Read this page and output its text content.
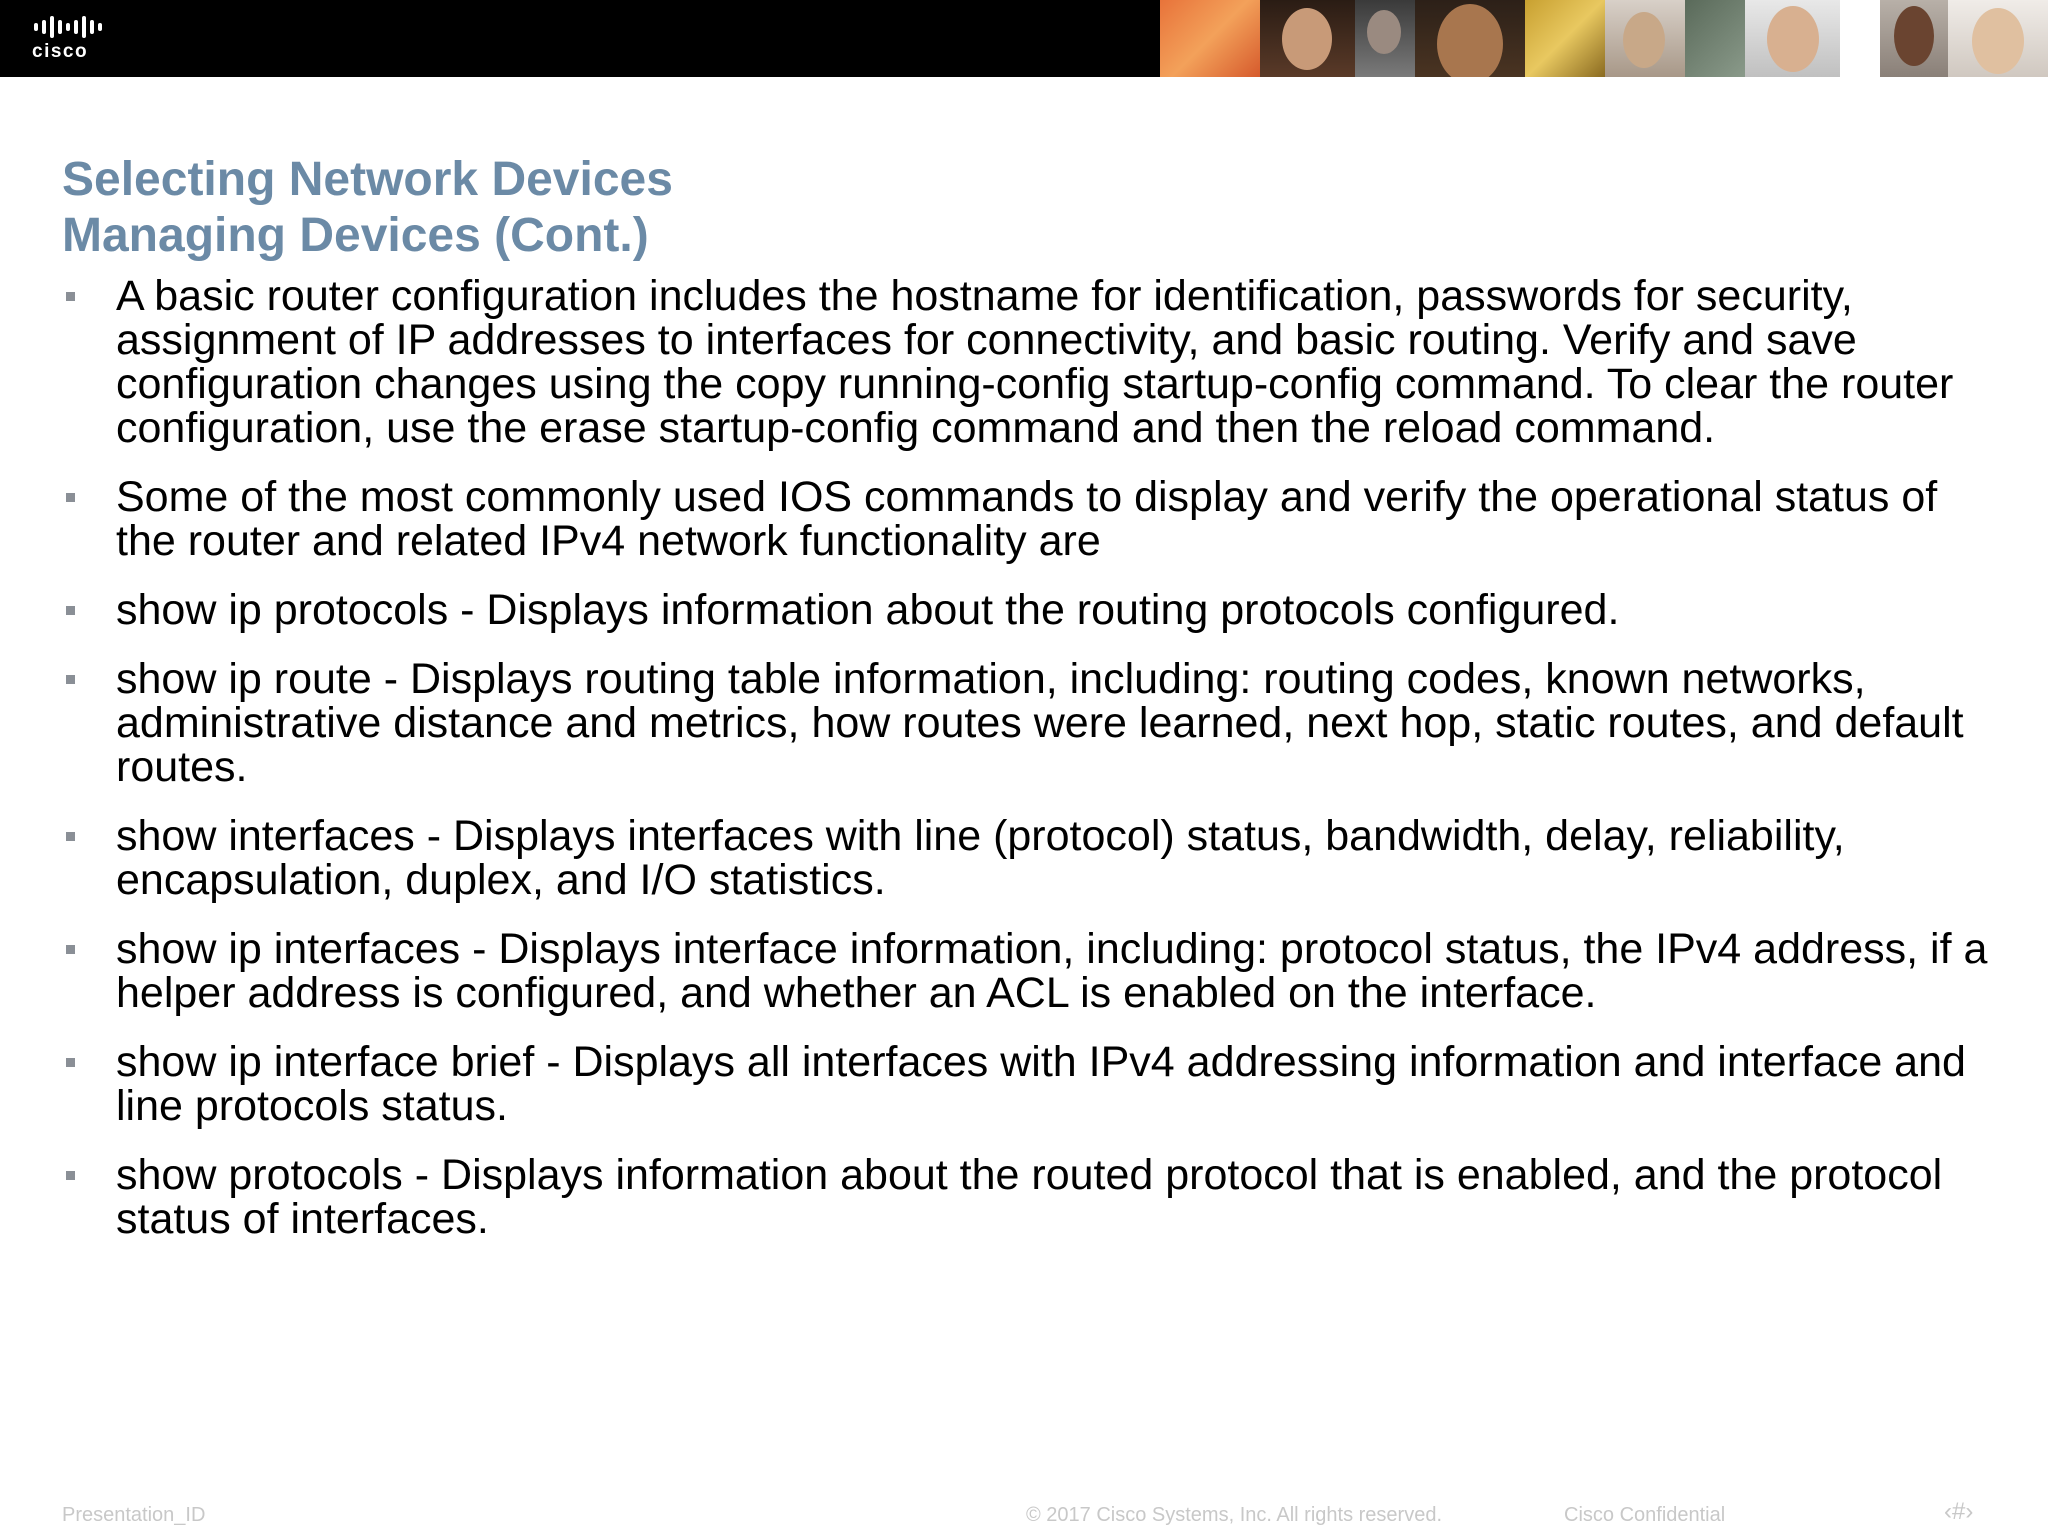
cisco
Selecting Network Devices
Managing Devices (Cont.)
A basic router configuration includes the hostname for identification, passwords for security, assignment of IP addresses to interfaces for connectivity, and basic routing. Verify and save configuration changes using the copy running-config startup-config command. To clear the router configuration, use the erase startup-config command and then the reload command.
Some of the most commonly used IOS commands to display and verify the operational status of the router and related IPv4 network functionality are
show ip protocols - Displays information about the routing protocols configured.
show ip route - Displays routing table information, including: routing codes, known networks, administrative distance and metrics, how routes were learned, next hop, static routes, and default routes.
show interfaces - Displays interfaces with line (protocol) status, bandwidth, delay, reliability, encapsulation, duplex, and I/O statistics.
show ip interfaces - Displays interface information, including: protocol status, the IPv4 address, if a helper address is configured, and whether an ACL is enabled on the interface.
show ip interface brief - Displays all interfaces with IPv4 addressing information and interface and line protocols status.
show protocols - Displays information about the routed protocol that is enabled, and the protocol status of interfaces.
Presentation_ID	© 2017 Cisco Systems, Inc. All rights reserved.	Cisco Confidential	‹#›
